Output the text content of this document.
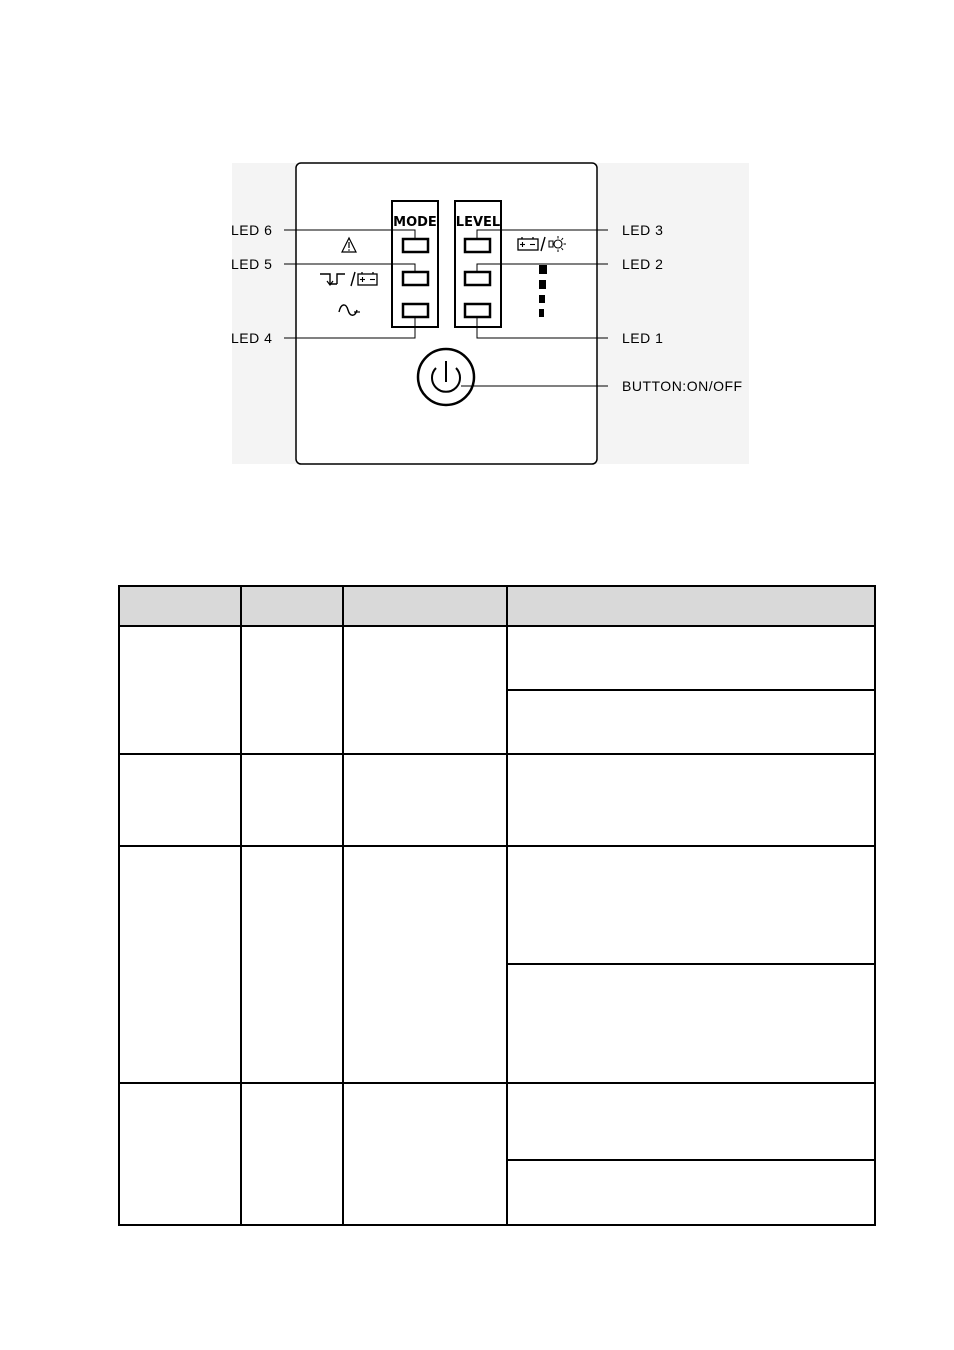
MODE LEVEL
LED 6
LED 5
LED 4
LED 3
LED 2
LED 1
BUTTON:ON/OFF
